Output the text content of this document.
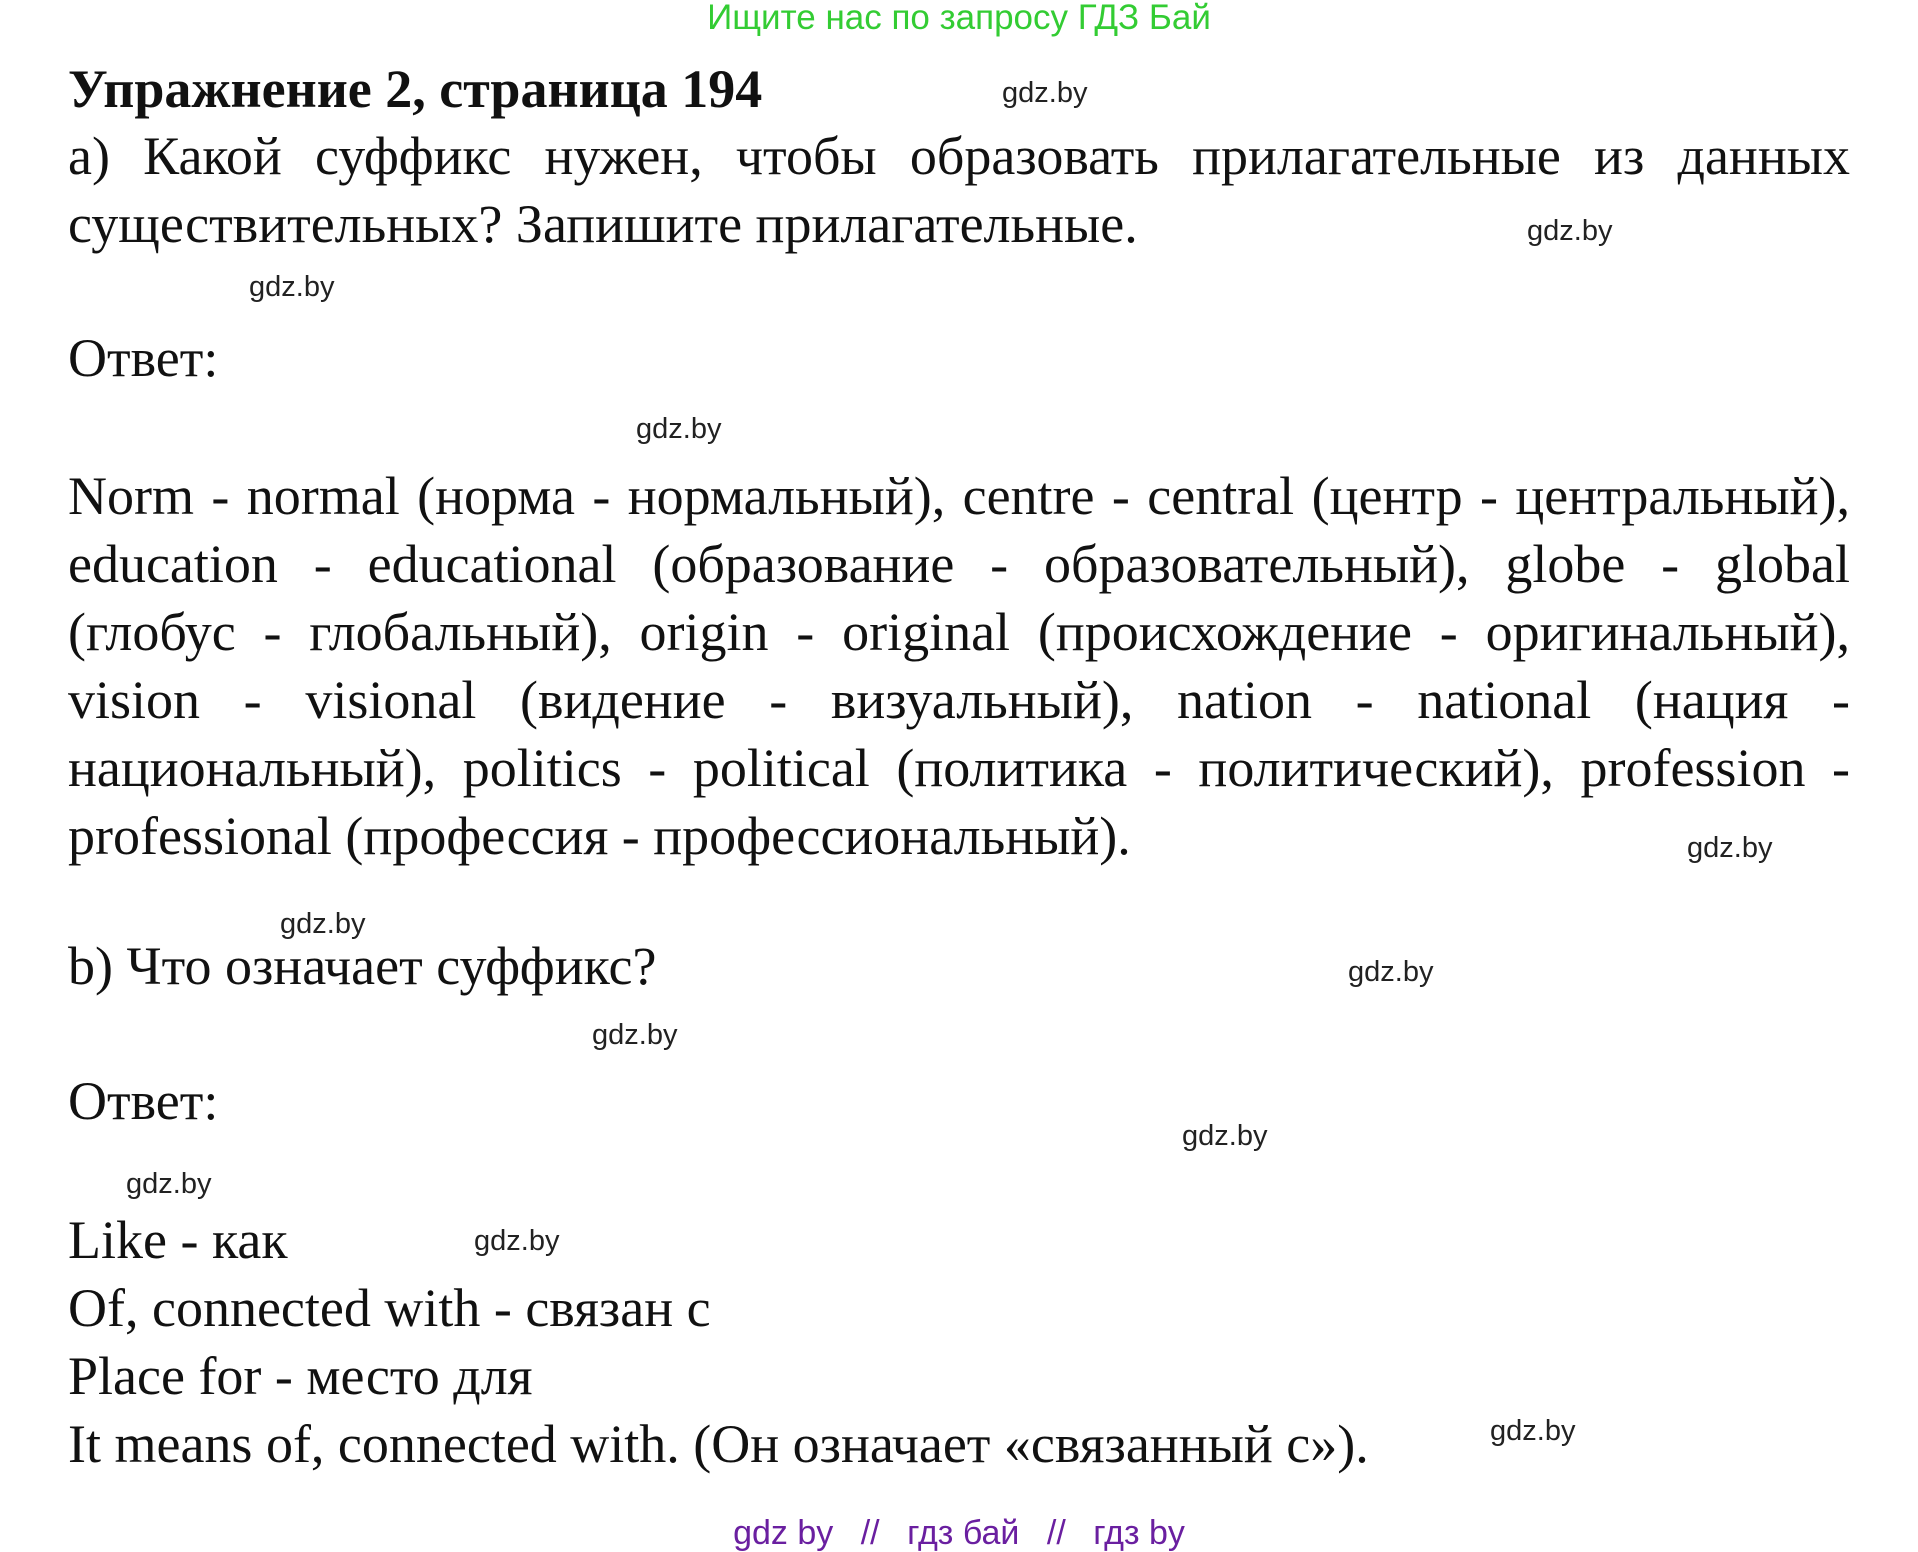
Ищите нас по запросу ГДЗ Бай
Упражнение 2, страница 194
a) Какой суффикс нужен, чтобы образовать прилагательные из данных существительных? Запишите прилагательные.
Ответ:
Norm - normal (норма - нормальный), centre - central (центр - центральный), education - educational (образование - образовательный), globe - global (глобус - глобальный), origin - original (происхождение - оригинальный), vision - visional (видение - визуальный), nation - national (нация - национальный), politics - political (политика - политический), profession - professional (профессия - профессиональный).
b) Что означает суффикс?
Ответ:
Like - как
Of, connected with - связан с
Place for - место для
It means of, connected with. (Он означает «связанный с»).
gdz.by
gdz.by
gdz.by
gdz.by
gdz.by
gdz.by
gdz.by
gdz.by
gdz.by
gdz.by
gdz.by
gdz.by
gdz by // гдз бай // гдз by
